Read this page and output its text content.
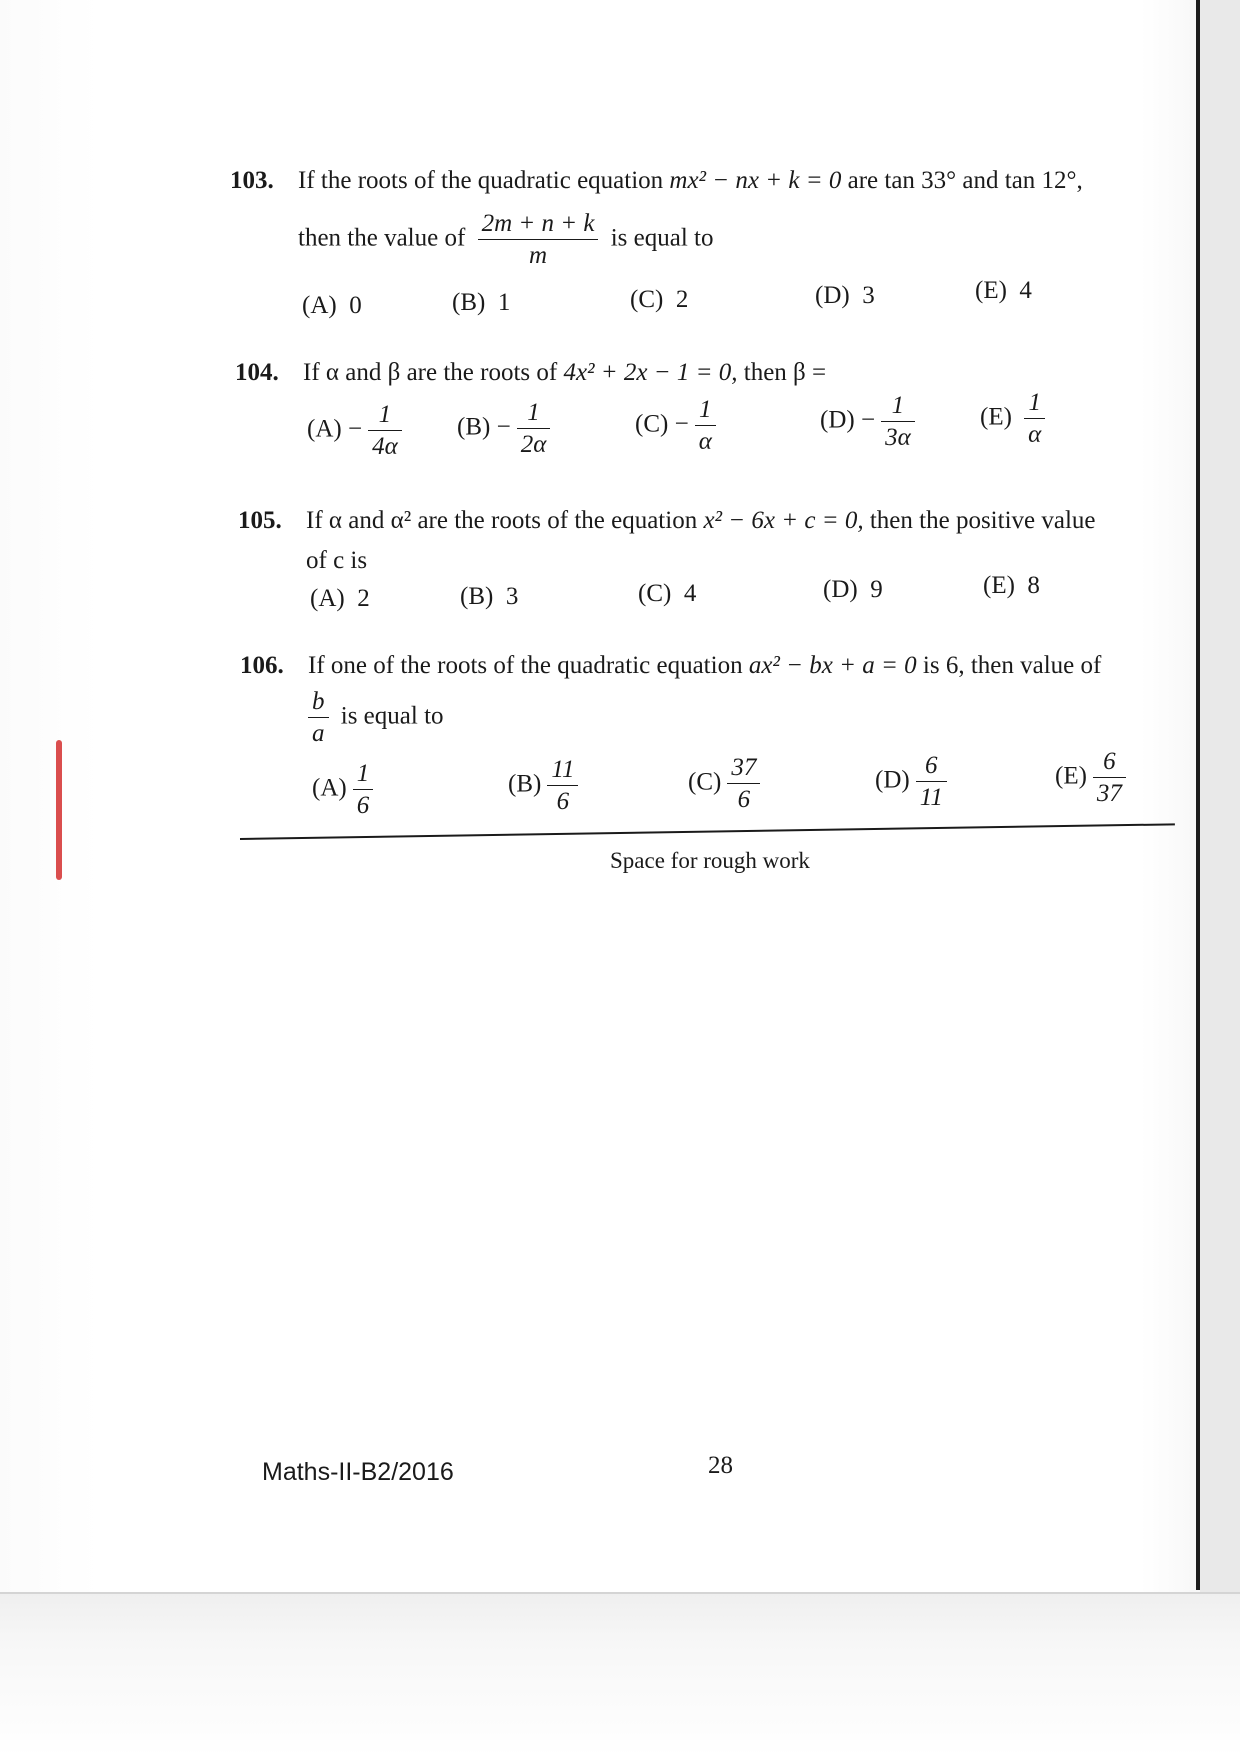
103. If the roots of the quadratic equation mx² − nx + k = 0 are tan 33° and tan 12°,
then the value of $\frac{2m + n + k}{m}$ is equal to
(A) 0	(B) 1	(C) 2	(D) 3	(E) 4
104. If α and β are the roots of 4x² + 2x − 1 = 0, then β =
$(A) - \frac{1}{4\alpha} (B) - \frac{1}{2\alpha}$	$(C) - \frac{1}{\alpha}$	$(D) - \frac{1}{3\alpha}$	$(E) \frac{1}{\alpha}$
105. If α and α² are the roots of the equation x² − 6x + c = 0, then the positive value
of c is
(A) 2	(B) 3	(C) 4	(D) 9	(E) 8
106. If one of the roots of the quadratic equation ax² − bx + a = 0 is 6, then value of
$\frac{b}{a}$ is equal to
$(A) \frac{1}{6}$	$(B) \frac{11}{6}$	$(C) \frac{37}{6}$	$(D) \frac{6}{11}$	$(E) \frac{6}{37}$
Space for rough work
Maths-II-B2/2016	28
